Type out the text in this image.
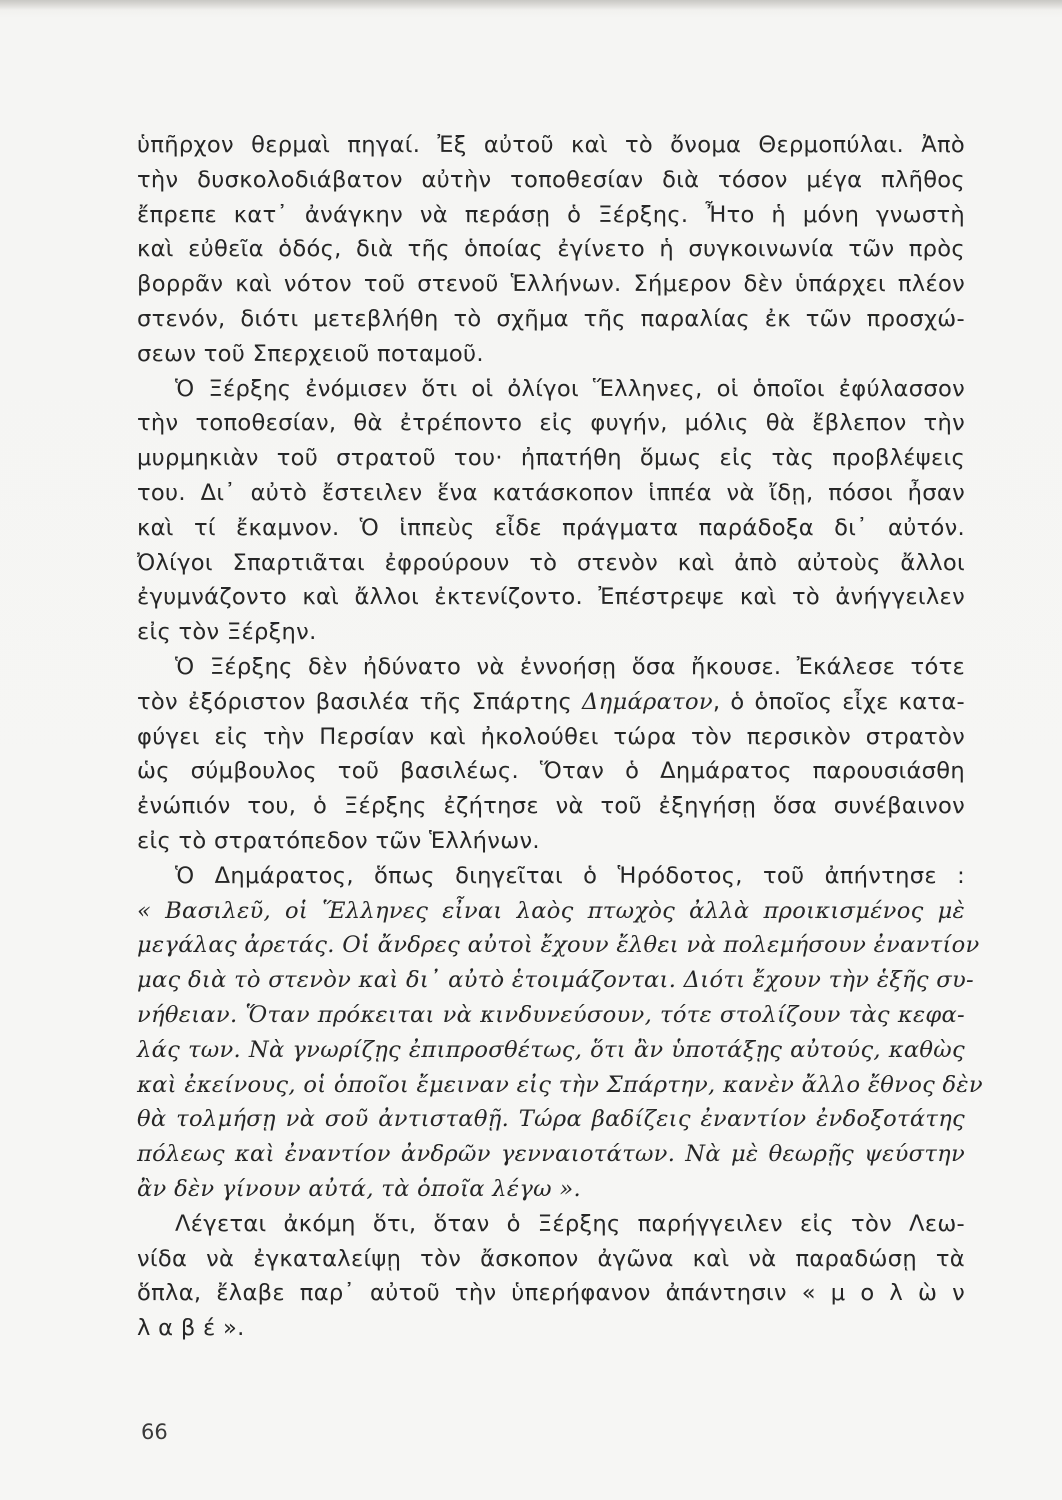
ὑπῆρχον θερμαὶ πηγαί. Ἐξ αὐτοῦ καὶ τὸ ὄνομα Θερμοπύλαι. Ἀπὸ
τὴν δυσκολοδιάβατον αὐτὴν τοποθεσίαν διὰ τόσον μέγα πλῆθος
ἔπρεπε κατ᾽ ἀνάγκην νὰ περάσῃ ὁ Ξέρξης. Ἦτο ἡ μόνη γνωστὴ
καὶ εὐθεῖα ὁδός, διὰ τῆς ὁποίας ἐγίνετο ἡ συγκοινωνία τῶν πρὸς
βορρᾶν καὶ νότον τοῦ στενοῦ Ἑλλήνων. Σήμερον δὲν ὑπάρχει πλέον
στενόν, διότι μετεβλήθη τὸ σχῆμα τῆς παραλίας ἐκ τῶν προσχώ-
σεων τοῦ Σπερχειοῦ ποταμοῦ.
Ὁ Ξέρξης ἐνόμισεν ὅτι οἱ ὀλίγοι Ἕλληνες, οἱ ὁποῖοι ἐφύλασσον
τὴν τοποθεσίαν, θὰ ἐτρέποντο εἰς φυγήν, μόλις θὰ ἔβλεπον τὴν
μυρμηκιὰν τοῦ στρατοῦ του· ἠπατήθη ὅμως εἰς τὰς προβλέψεις
του. Δι᾽ αὐτὸ ἔστειλεν ἕνα κατάσκοπον ἱππέα νὰ ἴδῃ, πόσοι ἦσαν
καὶ τί ἔκαμνον. Ὁ ἱππεὺς εἶδε πράγματα παράδοξα δι᾽ αὐτόν.
Ὀλίγοι Σπαρτιᾶται ἐφρούρουν τὸ στενὸν καὶ ἀπὸ αὐτοὺς ἄλλοι
ἐγυμνάζοντο καὶ ἄλλοι ἐκτενίζοντο. Ἐπέστρεψε καὶ τὸ ἀνήγγειλεν
εἰς τὸν Ξέρξην.
Ὁ Ξέρξης δὲν ἠδύνατο νὰ ἐννοήσῃ ὅσα ἤκουσε. Ἐκάλεσε τότε
τὸν ἐξόριστον βασιλέα τῆς Σπάρτης Δημάρατον, ὁ ὁποῖος εἶχε κατα-
φύγει εἰς τὴν Περσίαν καὶ ἠκολούθει τώρα τὸν περσικὸν στρατὸν
ὡς σύμβουλος τοῦ βασιλέως. Ὅταν ὁ Δημάρατος παρουσιάσθη
ἐνώπιόν του, ὁ Ξέρξης ἐζήτησε νὰ τοῦ ἐξηγήσῃ ὅσα συνέβαινον
εἰς τὸ στρατόπεδον τῶν Ἑλλήνων.
Ὁ Δημάρατος, ὅπως διηγεῖται ὁ Ἡρόδοτος, τοῦ ἀπήντησε :
« Βασιλεῦ, οἱ Ἕλληνες εἶναι λαὸς πτωχὸς ἀλλὰ προικισμένος μὲ
μεγάλας ἀρετάς. Οἱ ἄνδρες αὐτοὶ ἔχουν ἔλθει νὰ πολεμήσουν ἐναντίον
μας διὰ τὸ στενὸν καὶ δι᾽ αὐτὸ ἑτοιμάζονται. Διότι ἔχουν τὴν ἑξῆς συ-
νήθειαν. Ὅταν πρόκειται νὰ κινδυνεύσουν, τότε στολίζουν τὰς κεφα-
λάς των. Νὰ γνωρίζῃς ἐπιπροσθέτως, ὅτι ἂν ὑποτάξῃς αὐτούς, καθὼς
καὶ ἐκείνους, οἱ ὁποῖοι ἔμειναν εἰς τὴν Σπάρτην, κανὲν ἄλλο ἔθνος δὲν
θὰ τολμήσῃ νὰ σοῦ ἀντισταθῇ. Τώρα βαδίζεις ἐναντίον ἐνδοξοτάτης
πόλεως καὶ ἐναντίον ἀνδρῶν γενναιοτάτων. Νὰ μὲ θεωρῇς ψεύστην
ἂν δὲν γίνουν αὐτά, τὰ ὁποῖα λέγω ».
Λέγεται ἀκόμη ὅτι, ὅταν ὁ Ξέρξης παρήγγειλεν εἰς τὸν Λεω-
νίδα νὰ ἐγκαταλείψῃ τὸν ἄσκοπον ἀγῶνα καὶ νὰ παραδώσῃ τὰ
ὅπλα, ἔλαβε παρ᾽ αὐτοῦ τὴν ὑπερήφανον ἀπάντησιν « μ ο λ ὼ ν
λ α β έ ».
66
